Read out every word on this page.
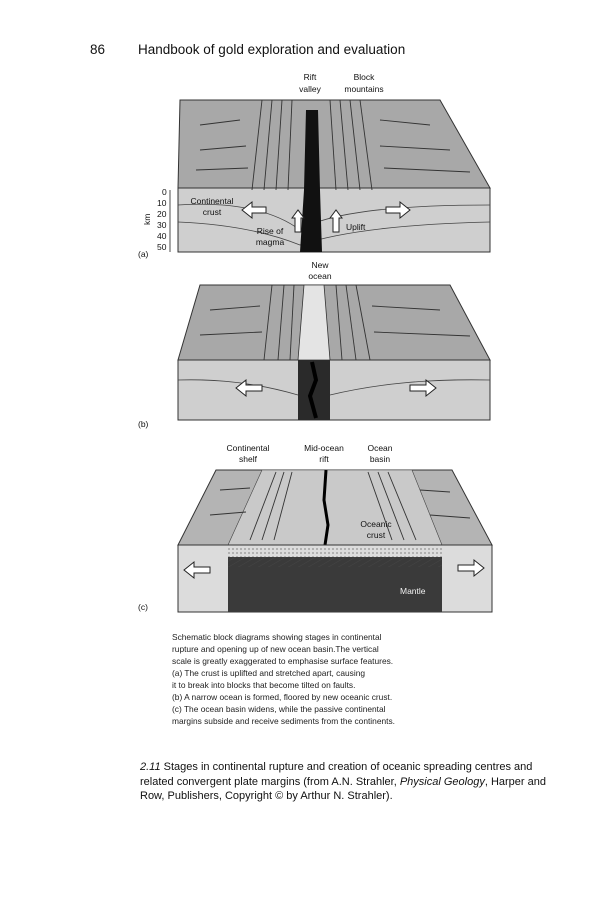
86 Handbook of gold exploration and evaluation
Rift valley
Block mountains
Continental crust
Rise of magma
Uplift
km
0
10
20
30
40
50
(a)
New ocean
(b)
Continental shelf
Mid-ocean rift
Ocean basin
Mantle
Oceanic crust
(c)
Schematic block diagrams showing stages in continental
rupture and opening up of new ocean basin.The vertical
scale is greatly exaggerated to emphasise surface features.
(a) The crust is uplifted and stretched apart, causing
it to break into blocks that become tilted on faults.
(b) A narrow ocean is formed, floored by new oceanic crust.
(c) The ocean basin widens, while the passive continental
margins subside and receive sediments from the continents.
2.11 Stages in continental rupture and creation of oceanic spreading centres and related convergent plate margins (from A.N. Strahler, Physical Geology, Harper and Row, Publishers, Copyright © by Arthur N. Strahler).
